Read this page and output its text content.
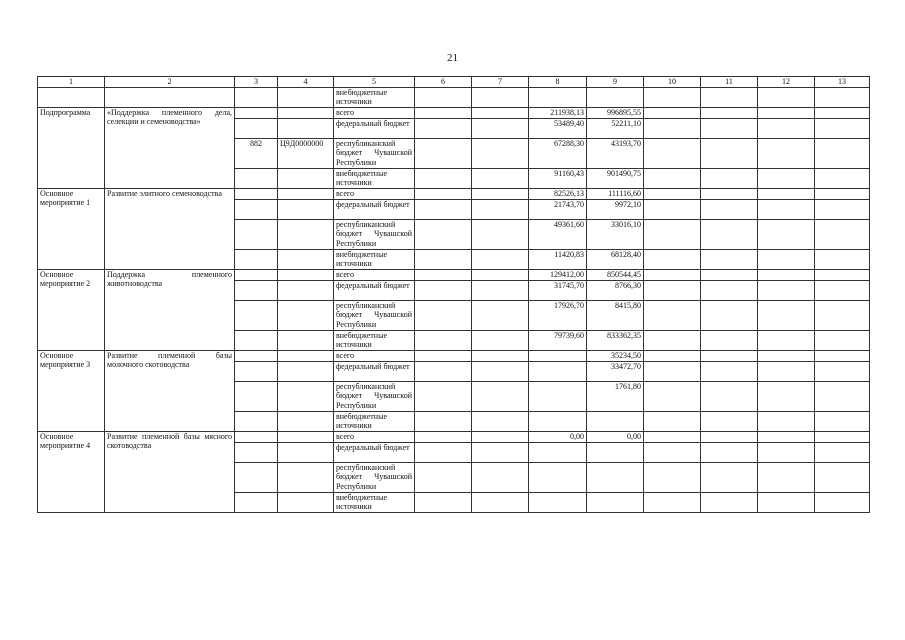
21
1	2	3	4	5	6	7	8	9	10	11	12	13
				внебюджетные источники								
Подпрограмма	«Поддержка племенного дела, селекции и семеноводства»			всего			211938,13	996895,55				
				федеральный бюджет			53489,40	52211,10				
		882	Ц9Д0000000	республиканский бюджет Чувашской Республики			67288,30	43193,70				
				внебюджетные источники			91160,43	901490,75				
Основное мероприятие 1	Развитие элитного семеноводства			всего			82526,13	111116,60				
				федеральный бюджет			21743,70	9972,10				
				республиканский бюджет Чувашской Республики			49361,60	33016,10				
				внебюджетные источники			11420,83	68128,40				
Основное мероприятие 2	Поддержка племенного животноводства			всего			129412,00	850544,45				
				федеральный бюджет			31745,70	8766,30				
				республиканский бюджет Чувашской Республики			17926,70	8415,80				
				внебюджетные источники			79739,60	833362,35				
Основное мероприятие 3	Развитие племенной базы молочного скотоводства			всего				35234,50				
				федеральный бюджет				33472,70				
				республиканский бюджет Чувашской Республики				1761,80				
				внебюджетные источники								
Основное мероприятие 4	Развитие племенной базы мясного скотоводства			всего			0,00	0,00				
				федеральный бюджет								
				республиканский бюджет Чувашской Республики								
				внебюджетные источники								
